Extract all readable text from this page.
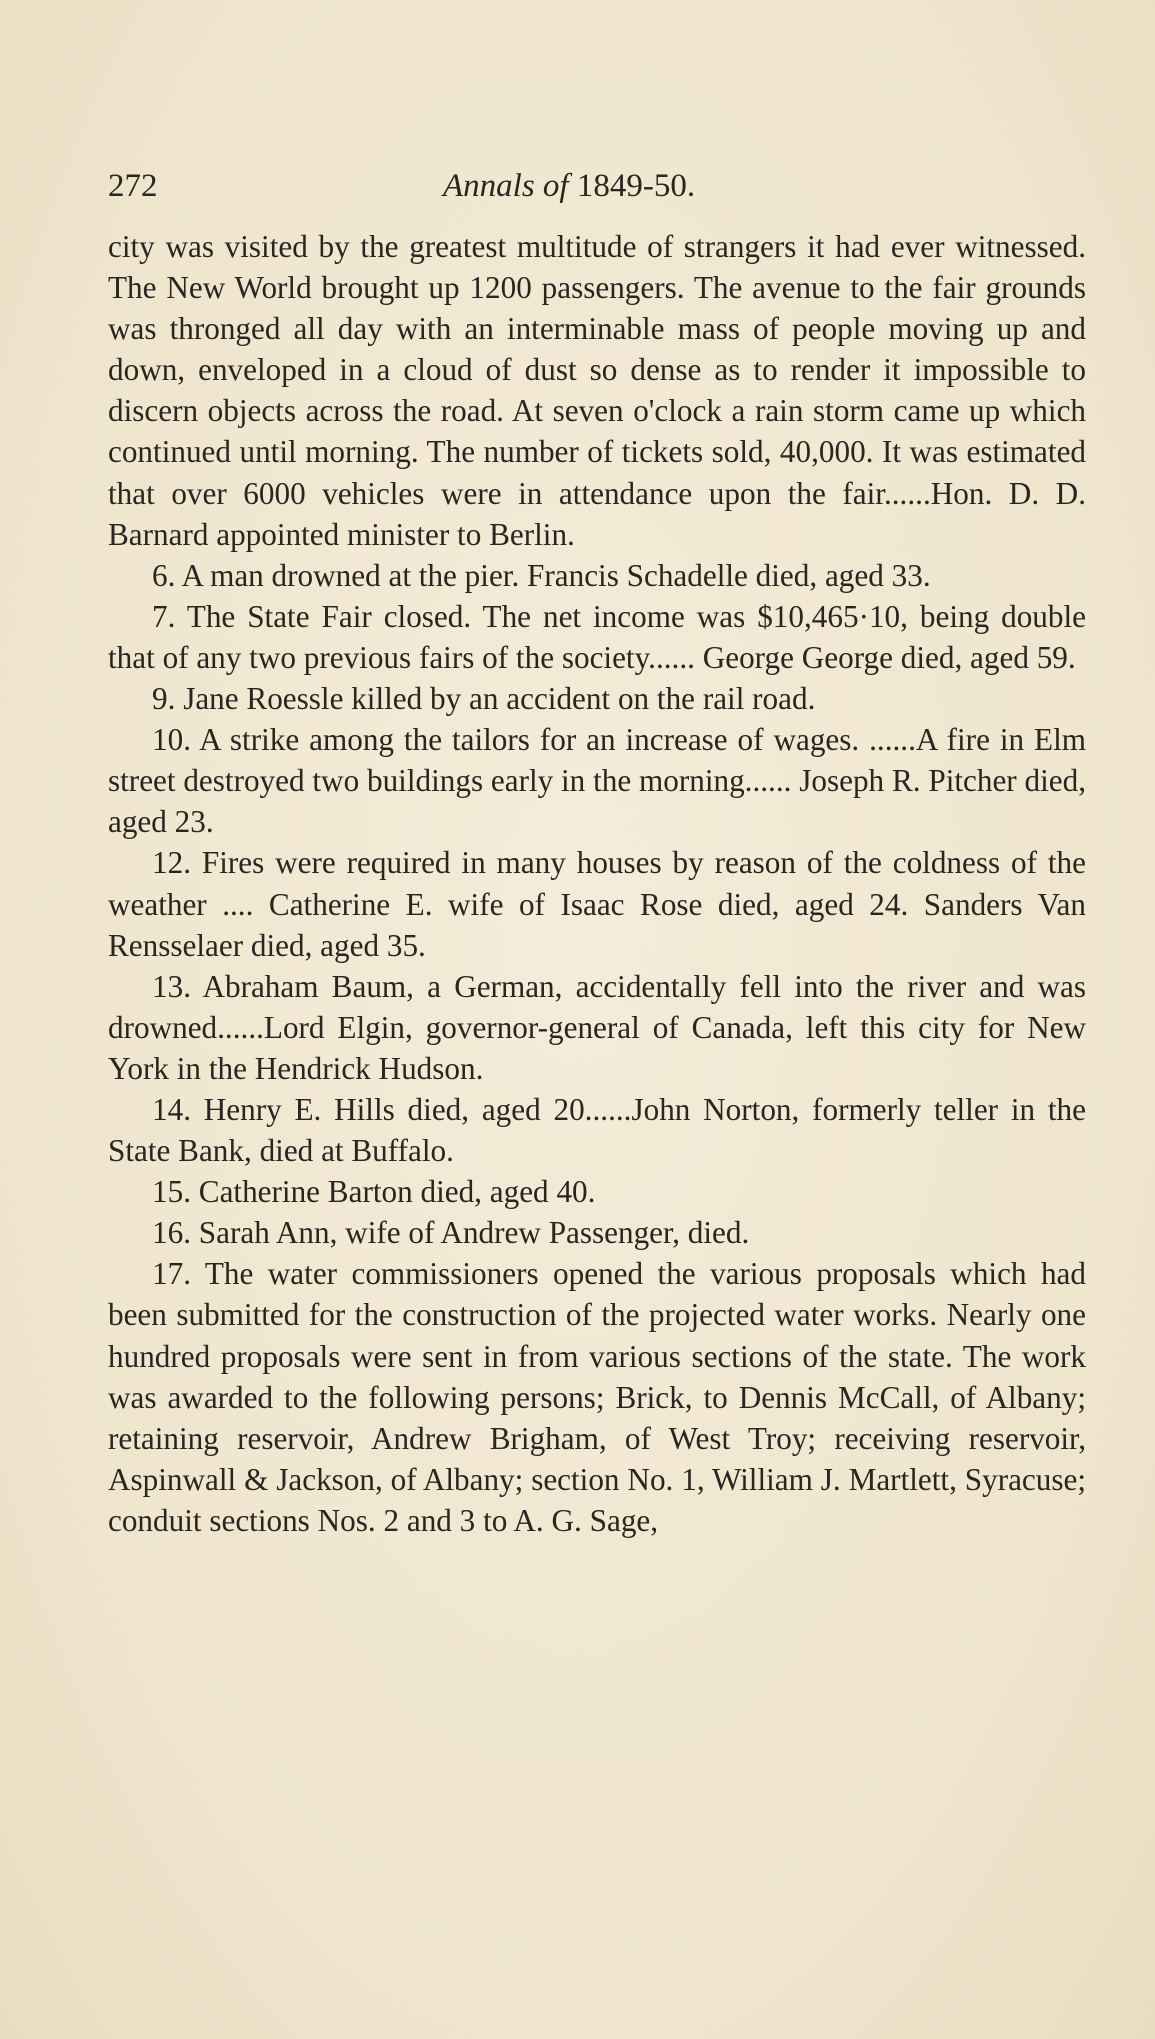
272	Annals of 1849-50.

city was visited by the greatest multitude of strangers it had ever witnessed. The New World brought up 1200 passengers. The avenue to the fair grounds was thronged all day with an interminable mass of people moving up and down, enveloped in a cloud of dust so dense as to render it impossible to discern objects across the road. At seven o'clock a rain storm came up which continued until morning. The number of tickets sold, 40,000. It was estimated that over 6000 vehicles were in attendance upon the fair......Hon. D. D. Barnard appointed minister to Berlin.

6. A man drowned at the pier. Francis Schadelle died, aged 33.

7. The State Fair closed. The net income was $10,465·10, being double that of any two previous fairs of the society...... George George died, aged 59.

9. Jane Roessle killed by an accident on the rail road.

10. A strike among the tailors for an increase of wages. ......A fire in Elm street destroyed two buildings early in the morning...... Joseph R. Pitcher died, aged 23.

12. Fires were required in many houses by reason of the coldness of the weather .... Catherine E. wife of Isaac Rose died, aged 24. Sanders Van Rensselaer died, aged 35.

13. Abraham Baum, a German, accidentally fell into the river and was drowned......Lord Elgin, governor-general of Canada, left this city for New York in the Hendrick Hudson.

14. Henry E. Hills died, aged 20......John Norton, formerly teller in the State Bank, died at Buffalo.

15. Catherine Barton died, aged 40.

16. Sarah Ann, wife of Andrew Passenger, died.

17. The water commissioners opened the various proposals which had been submitted for the construction of the projected water works. Nearly one hundred proposals were sent in from various sections of the state. The work was awarded to the following persons; Brick, to Dennis McCall, of Albany; retaining reservoir, Andrew Brigham, of West Troy; receiving reservoir, Aspinwall & Jackson, of Albany; section No. 1, William J. Martlett, Syracuse; conduit sections Nos. 2 and 3 to A. G. Sage,
